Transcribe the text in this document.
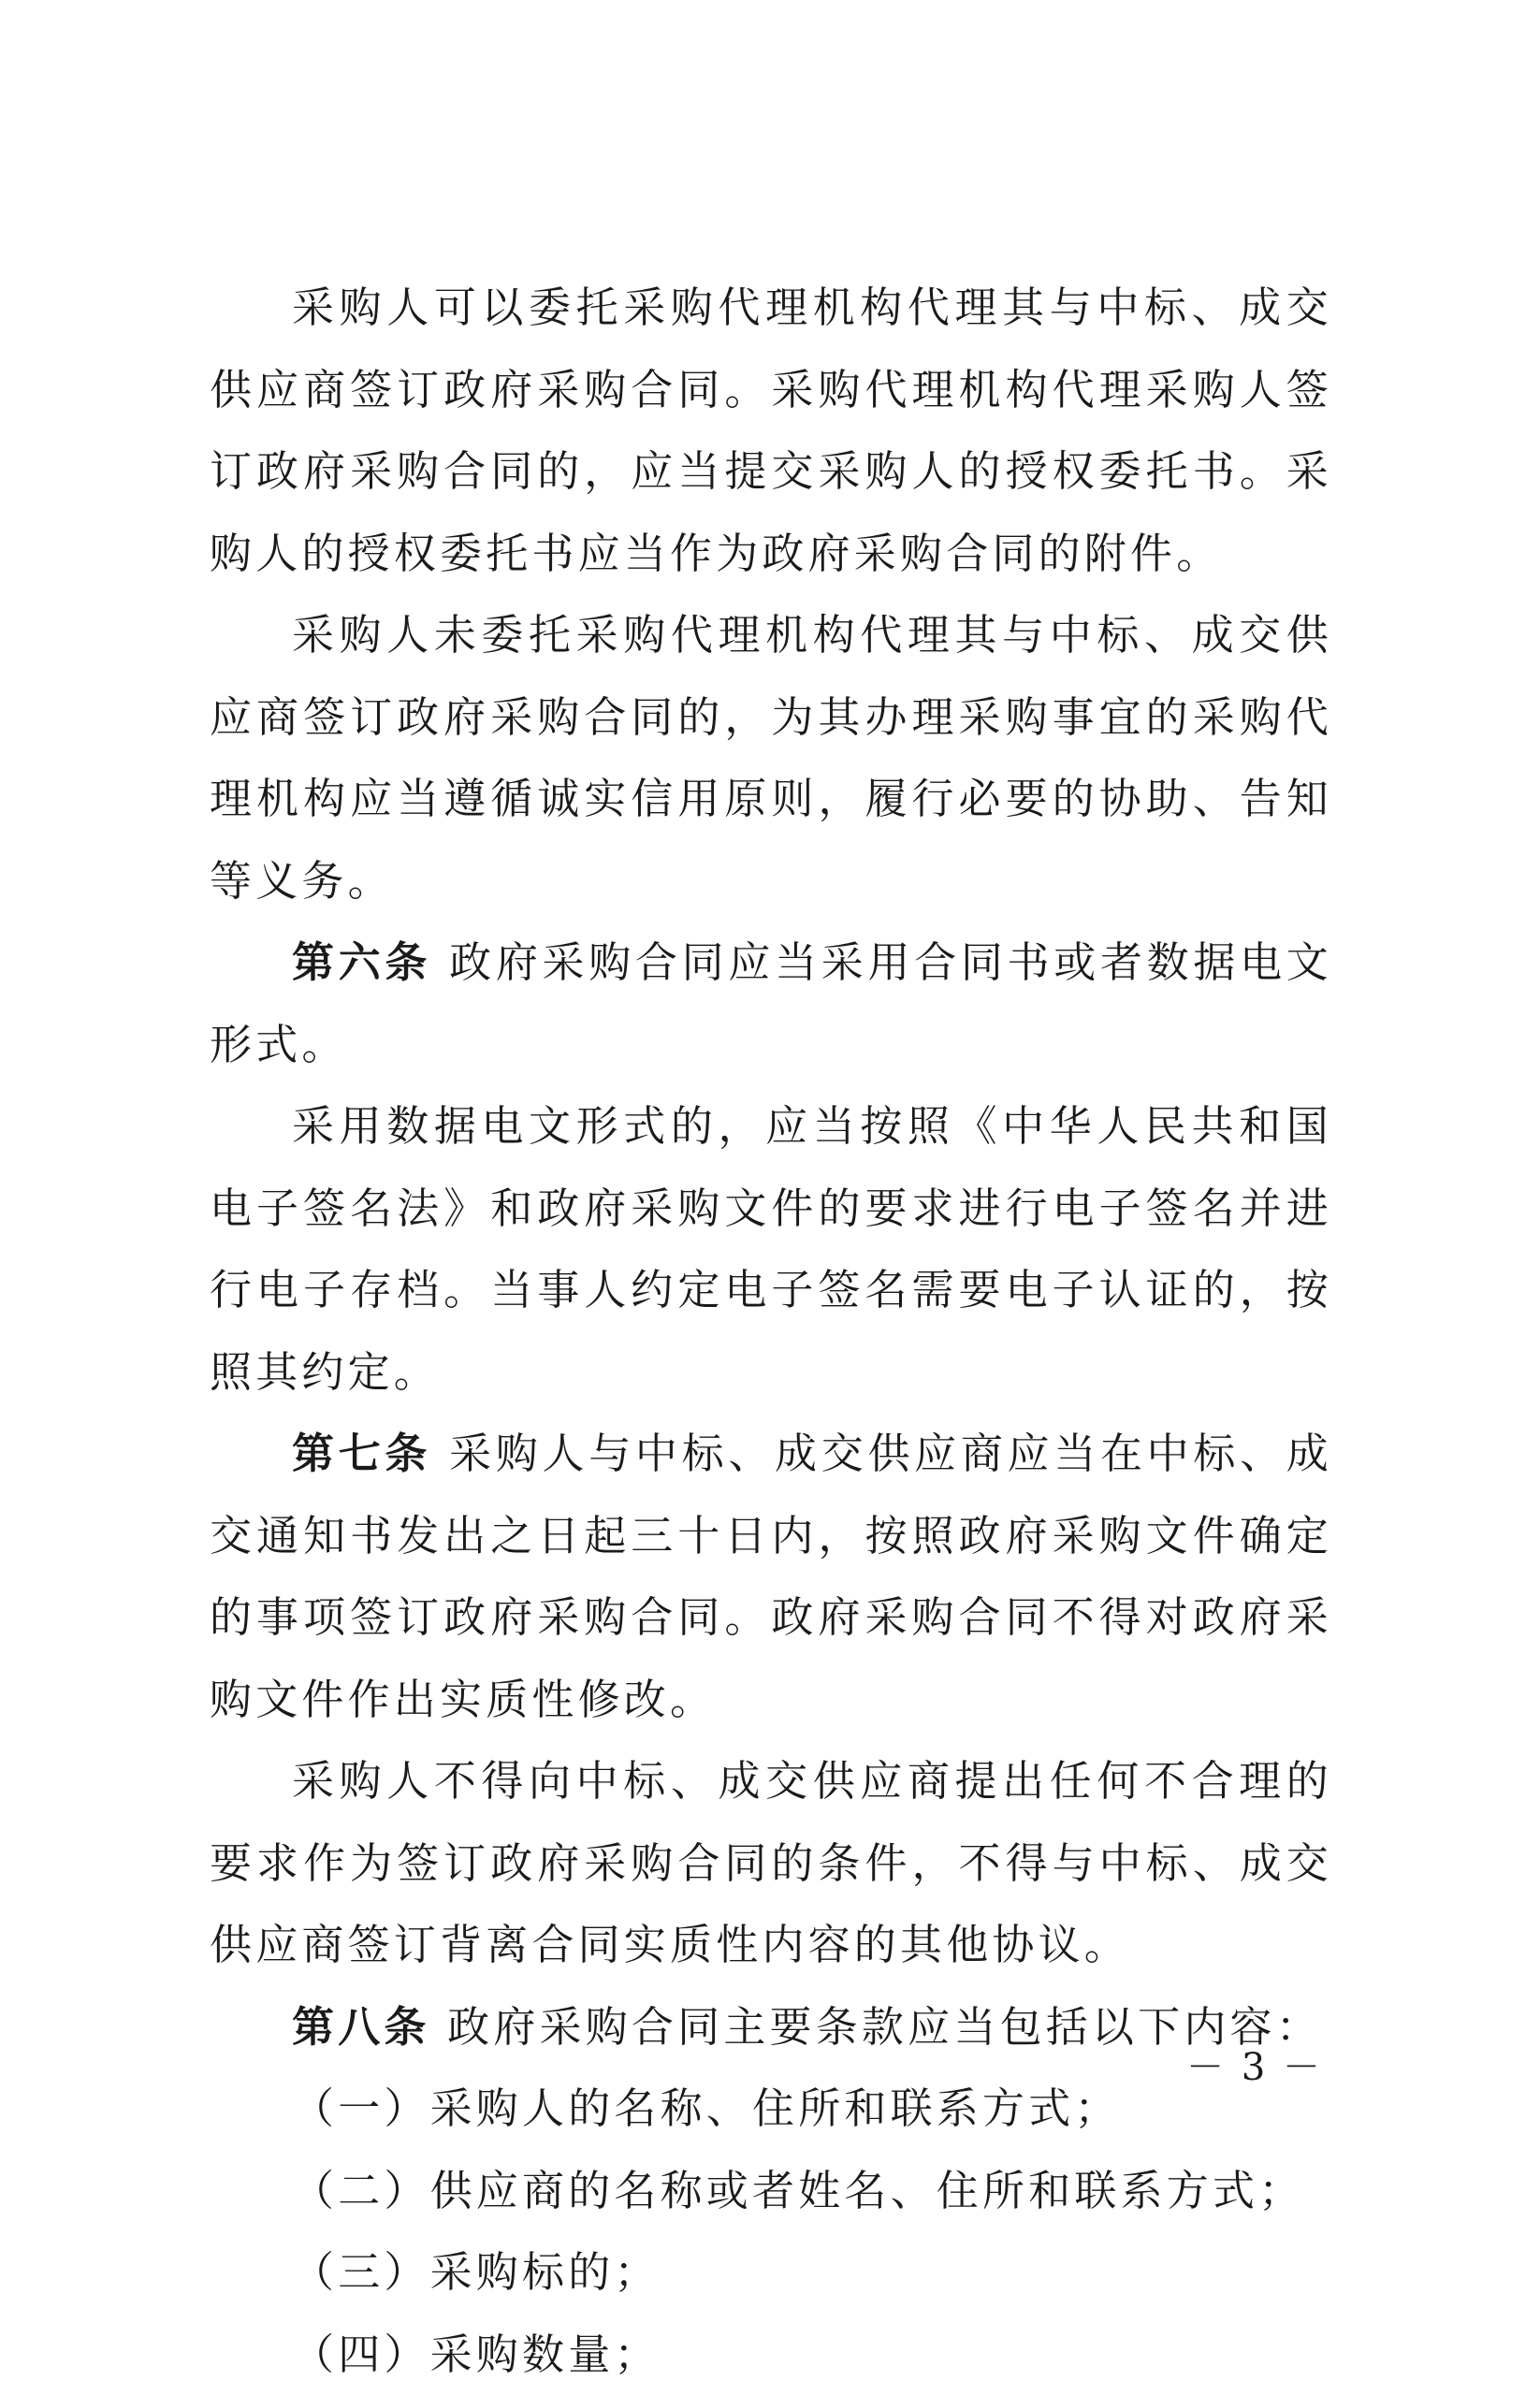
采购人可以委托采购代理机构代理其与中标、成交供应商签订政府采购合同。采购代理机构代理采购人签订政府采购合同的，应当提交采购人的授权委托书。采购人的授权委托书应当作为政府采购合同的附件。

采购人未委托采购代理机构代理其与中标、成交供应商签订政府采购合同的，为其办理采购事宜的采购代理机构应当遵循诚实信用原则，履行必要的协助、告知等义务。

第六条 政府采购合同应当采用合同书或者数据电文形式。

采用数据电文形式的，应当按照《中华人民共和国电子签名法》和政府采购文件的要求进行电子签名并进行电子存档。当事人约定电子签名需要电子认证的，按照其约定。

第七条 采购人与中标、成交供应商应当在中标、成交通知书发出之日起三十日内，按照政府采购文件确定的事项签订政府采购合同。政府采购合同不得对政府采购文件作出实质性修改。

采购人不得向中标、成交供应商提出任何不合理的要求作为签订政府采购合同的条件，不得与中标、成交供应商签订背离合同实质性内容的其他协议。

第八条 政府采购合同主要条款应当包括以下内容：

（一）采购人的名称、住所和联系方式；

（二）供应商的名称或者姓名、住所和联系方式；

（三）采购标的；

（四）采购数量；

－ 3 －
